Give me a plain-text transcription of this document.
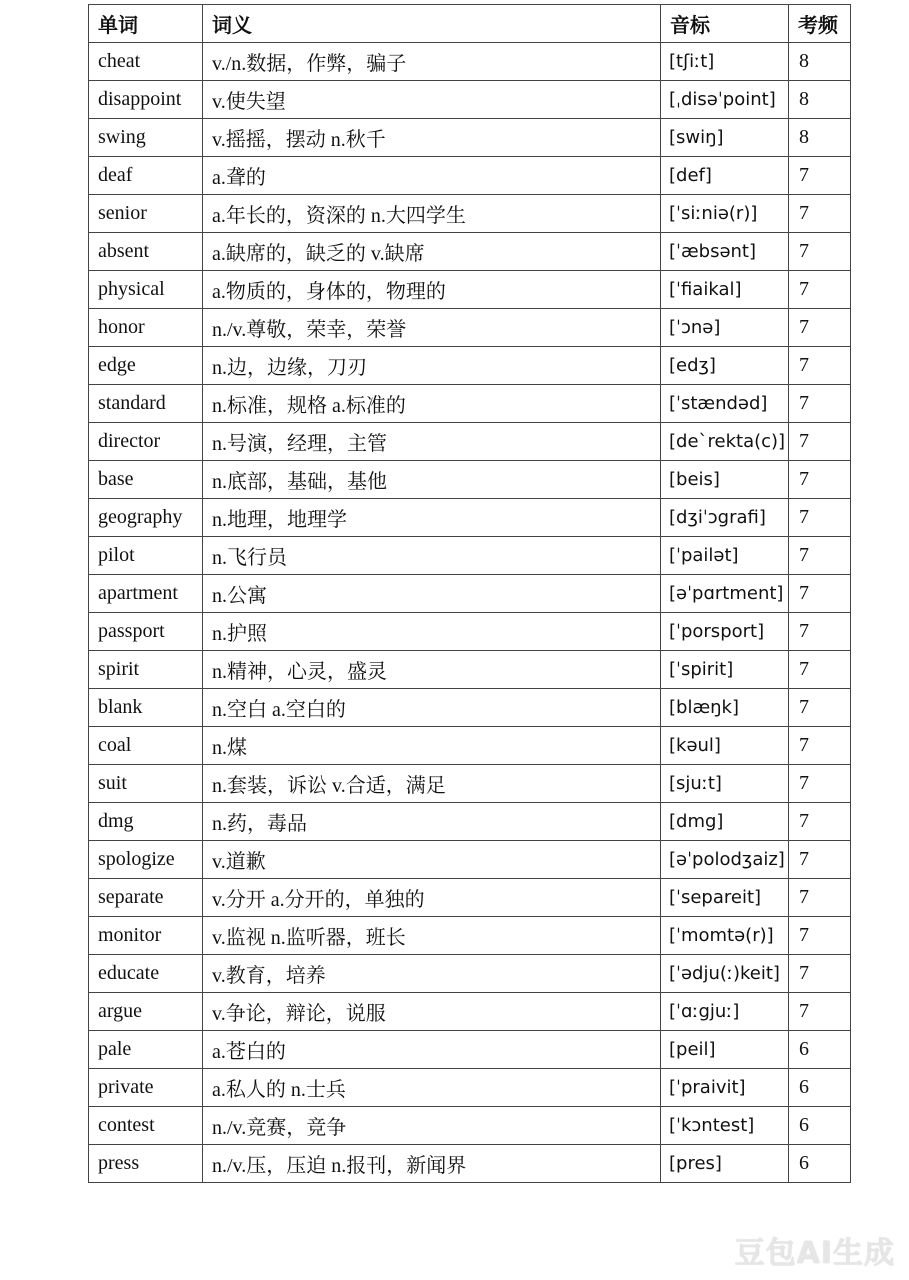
单词	词义	音标	考频
cheat	v./n.数据，作弊，骗子	[tʃiːt]	8
disappoint	v.使失望	[ˌdisəˈpoint]	8
swing	v.摇摇，摆动 n.秋千	[swiŋ]	8
deaf	a.聋的	[def]	7
senior	a.年长的，资深的 n.大四学生	[ˈsiːniə(r)]	7
absent	a.缺席的，缺乏的 v.缺席	[ˈæbsənt]	7
physical	a.物质的，身体的，物理的	[ˈfiaikal]	7
honor	n./v.尊敬，荣幸，荣誉	[ˈɔnə]	7
edge	n.边，边缘，刀刃	[edʒ]	7
standard	n.标准，规格 a.标准的	[ˈstændəd]	7
director	n.号演，经理，主管	[deˋrekta(c)]	7
base	n.底部，基础，基他	[beis]	7
geography	n.地理，地理学	[dʒiˈɔgrafi]	7
pilot	n.飞行员	[ˈpailət]	7
apartment	n.公寓	[əˈpɑrtment]	7
passport	n.护照	[ˈporsport]	7
spirit	n.精神，心灵，盛灵	[ˈspirit]	7
blank	n.空白 a.空白的	[blæŋk]	7
coal	n.煤	[kəul]	7
suit	n.套装，诉讼 v.合适，满足	[sjuːt]	7
dmg	n.药，毒品	[dmg]	7
spologize	v.道歉	[əˈpolodʒaiz]	7
separate	v.分开 a.分开的，单独的	[ˈsepareit]	7
monitor	v.监视 n.监听器，班长	[ˈmomtə(r)]	7
educate	v.教育，培养	[ˈədju(ː)keit]	7
argue	v.争论，辩论，说服	[ˈɑːgjuː]	7
pale	a.苍白的	[peil]	6
private	a.私人的 n.士兵	[ˈpraivit]	6
contest	n./v.竞赛，竞争	[ˈkɔntest]	6
press	n./v.压，压迫 n.报刊，新闻界	[pres]	6
豆包AI生成
